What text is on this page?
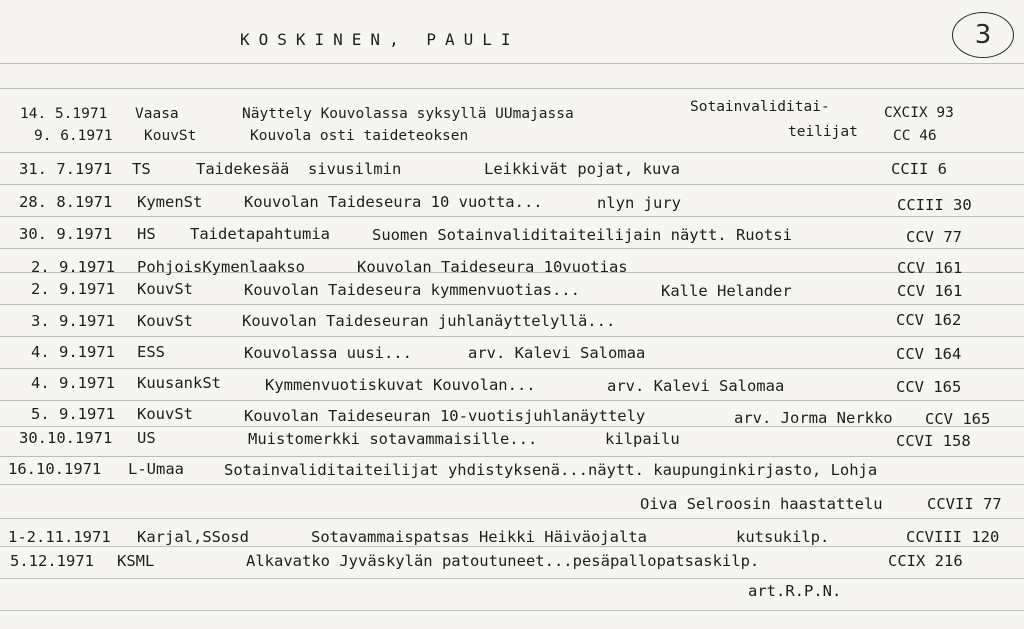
KOSKINEN, PAULI	3
14. 5.1971 Vaasa	Näyttely Kouvolassa syksyllä UUmajassa	Sotainvaliditai-	CXCIX 93
9. 6.1971 KouvSt	Kouvola osti taideteoksen	teilijat CC 46
31. 7.1971 TS	Taidekesää  sivusilmin	Leikkivät pojat, kuva	CCII 6
28. 8.1971 KymenSt	Kouvolan Taideseura 10 vuotta...	nlyn jury	CCIII 30
30. 9.1971 HS Taidetapahtumia	Suomen Sotainvaliditaiteilijain näytt. Ruotsi	CCV 77
2. 9.1971 PohjoisKymenlaakso	Kouvolan Taideseura 10vuotias	CCV 161
2. 9.1971 KouvSt	Kouvolan Taideseura kymmenvuotias...	Kalle Helander	CCV 161
3. 9.1971 KouvSt	Kouvolan Taideseuran juhlanäyttelyllä...	CCV 162
4. 9.1971 ESS	Kouvolassa uusi...	arv. Kalevi Salomaa	CCV 164
4. 9.1971 KuusankSt	Kymmenvuotiskuvat Kouvolan...	arv. Kalevi Salomaa	CCV 165
5. 9.1971 KouvSt	Kouvolan Taideseuran 10-vuotisjuhlanäyttely	arv. Jorma Nerkko CCV 165
30.10.1971 US	Muistomerkki sotavammaisille...	kilpailu	CCVI 158
16.10.1971 L-Umaa	Sotainvaliditaiteilijat yhdistyksenä...näytt. kaupunginkirjasto, Lohja
Oiva Selroosin haastattelu	CCVII 77
1-2.11.1971 Karjal,SSosd	Sotavammaispatsas Heikki Häiväojalta	kutsukilp.	CCVIII 120
5.12.1971 KSML	Alkavatko Jyväskylän patoutuneet...pesäpallopatsaskilp.	CCIX 216
art.R.P.N.
